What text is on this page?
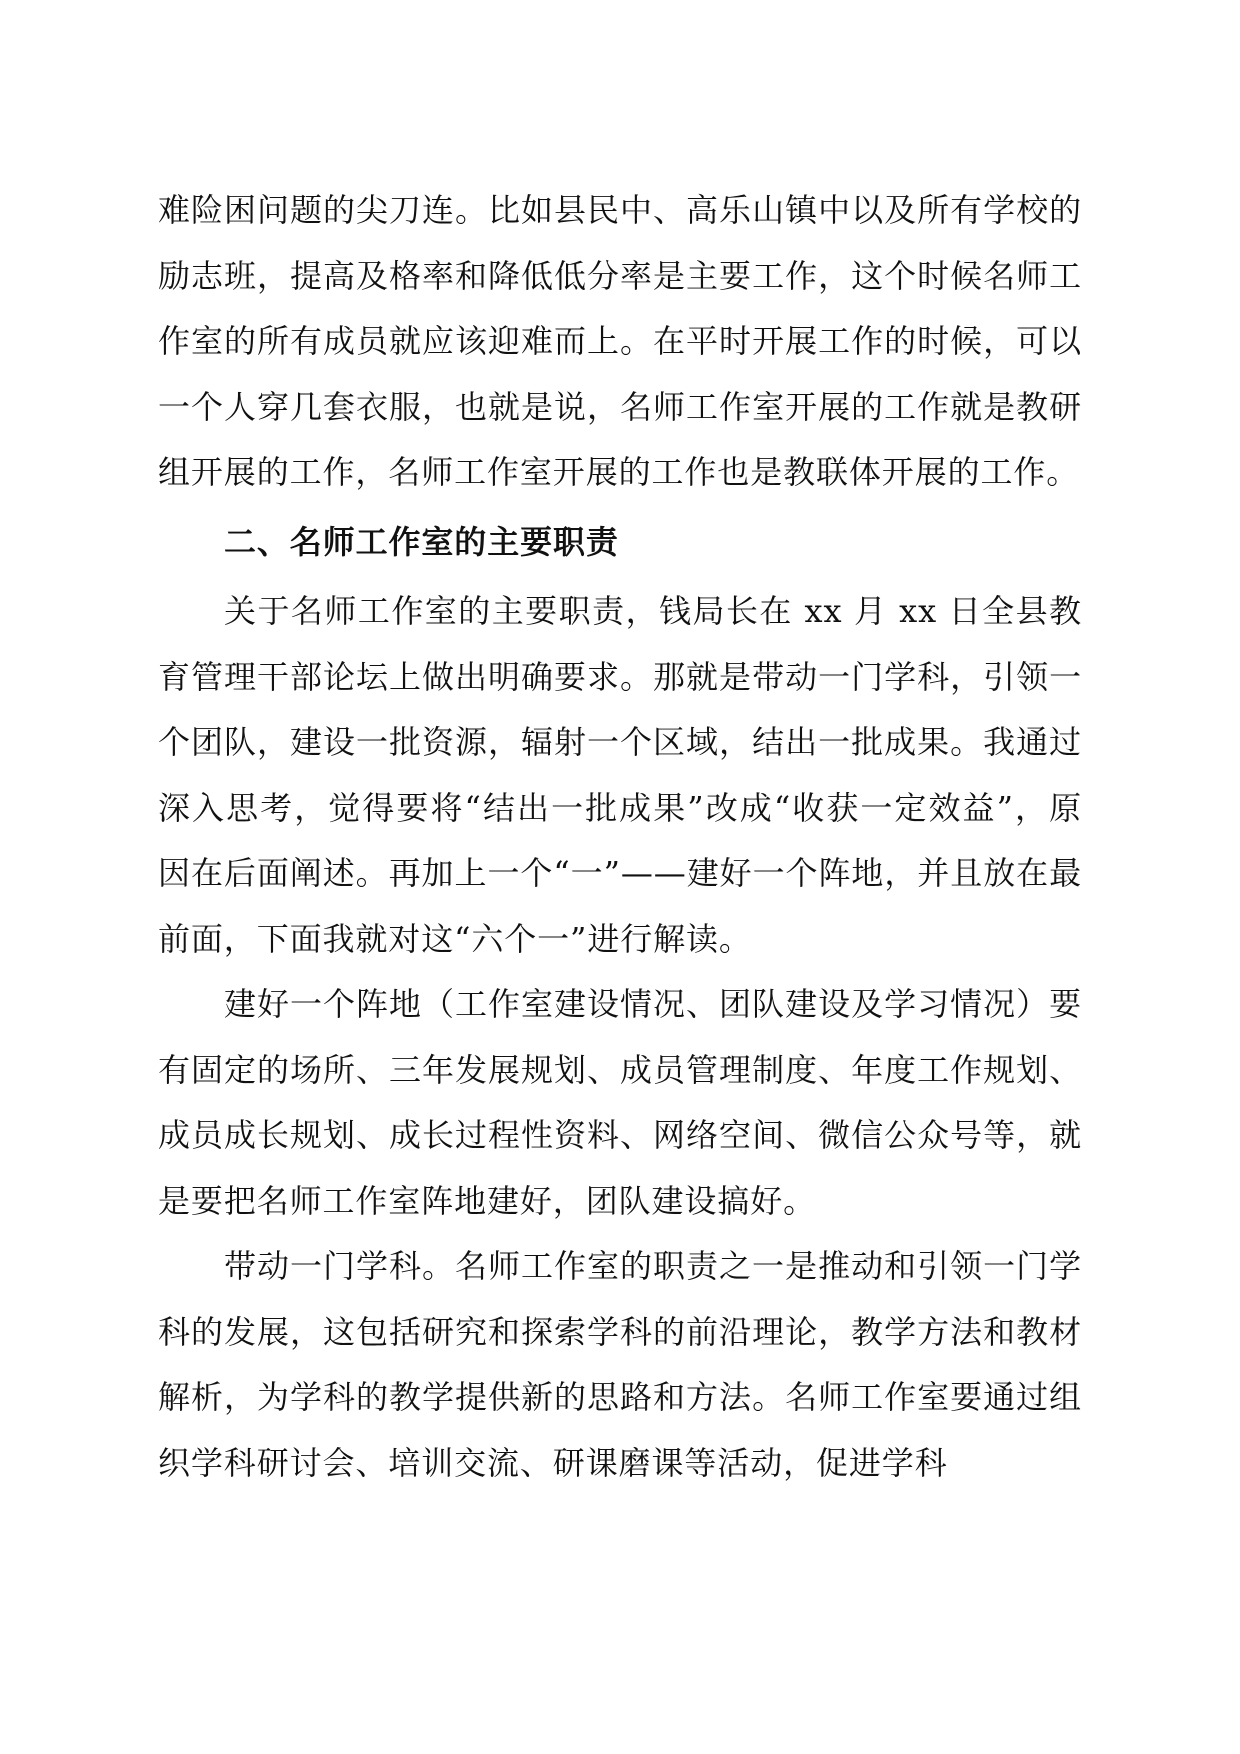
难险困问题的尖刀连。比如县民中、高乐山镇中以及所有学校的励志班，提高及格率和降低低分率是主要工作，这个时候名师工作室的所有成员就应该迎难而上。在平时开展工作的时候，可以一个人穿几套衣服，也就是说，名师工作室开展的工作就是教研组开展的工作，名师工作室开展的工作也是教联体开展的工作。

二、名师工作室的主要职责

关于名师工作室的主要职责，钱局长在 xx 月 xx 日全县教育管理干部论坛上做出明确要求。那就是带动一门学科，引领一个团队，建设一批资源，辐射一个区域，结出一批成果。我通过深入思考，觉得要将“结出一批成果”改成“收获一定效益”，原因在后面阐述。再加上一个“一”——建好一个阵地，并且放在最前面，下面我就对这“六个一”进行解读。

建好一个阵地（工作室建设情况、团队建设及学习情况）要有固定的场所、三年发展规划、成员管理制度、年度工作规划、成员成长规划、成长过程性资料、网络空间、微信公众号等，就是要把名师工作室阵地建好，团队建设搞好。

带动一门学科。名师工作室的职责之一是推动和引领一门学科的发展，这包括研究和探索学科的前沿理论，教学方法和教材解析，为学科的教学提供新的思路和方法。名师工作室要通过组织学科研讨会、培训交流、研课磨课等活动，促进学科
